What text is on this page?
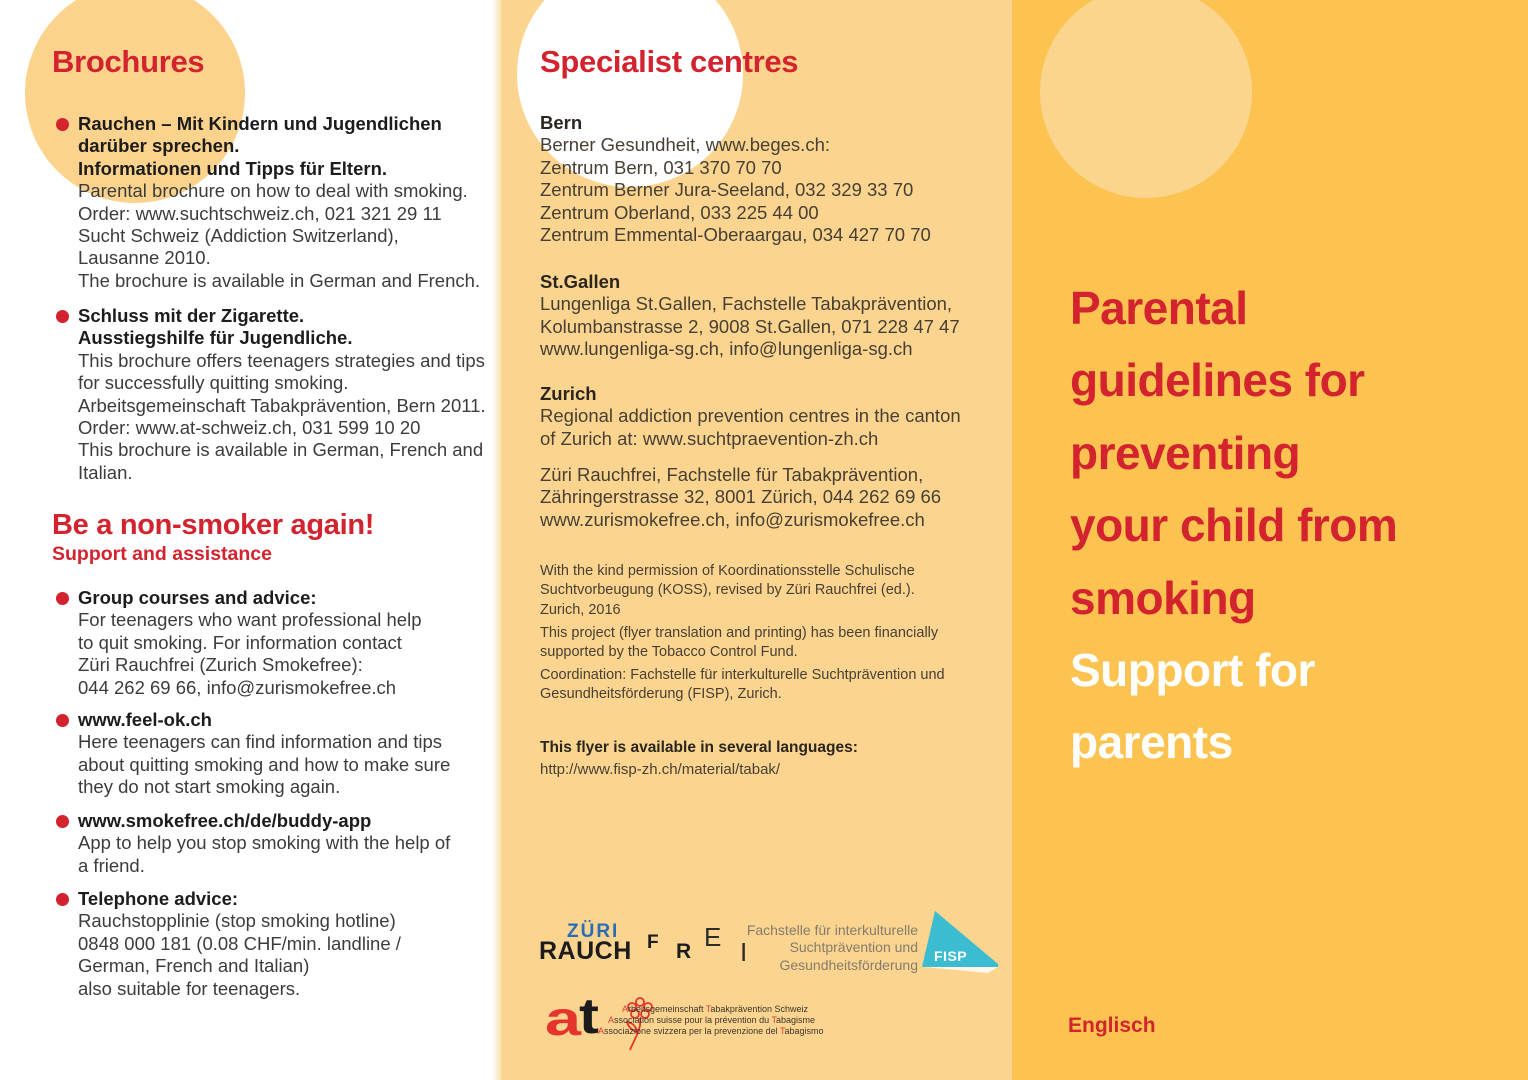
Brochures
Rauchen – Mit Kindern und Jugendlichen
darüber sprechen.
Informationen und Tipps für Eltern.
Parental brochure on how to deal with smoking.
Order: www.suchtschweiz.ch, 021 321 29 11
Sucht Schweiz (Addiction Switzerland),
Lausanne 2010.
The brochure is available in German and French.
Schluss mit der Zigarette.
Ausstiegshilfe für Jugendliche.
This brochure offers teenagers strategies and tips
for successfully quitting smoking.
Arbeitsgemeinschaft Tabakprävention, Bern 2011.
Order: www.at-schweiz.ch, 031 599 10 20
This brochure is available in German, French and
Italian.
Be a non-smoker again!
Support and assistance
Group courses and advice:
For teenagers who want professional help
to quit smoking. For information contact
Züri Rauchfrei (Zurich Smokefree):
044 262 69 66, info@zurismokefree.ch
www.feel-ok.ch
Here teenagers can find information and tips
about quitting smoking and how to make sure
they do not start smoking again.
www.smokefree.ch/de/buddy-app
App to help you stop smoking with the help of
a friend.
Telephone advice:
Rauchstopplinie (stop smoking hotline)
0848 000 181 (0.08 CHF/min. landline /
German, French and Italian)
also suitable for teenagers.
Specialist centres
Bern
Berner Gesundheit, www.beges.ch:
Zentrum Bern, 031 370 70 70
Zentrum Berner Jura-Seeland, 032 329 33 70
Zentrum Oberland, 033 225 44 00
Zentrum Emmental-Oberaargau, 034 427 70 70
St.Gallen
Lungenliga St.Gallen, Fachstelle Tabakprävention,
Kolumbanstrasse 2, 9008 St.Gallen, 071 228 47 47
www.lungenliga-sg.ch, info@lungenliga-sg.ch
Zurich
Regional addiction prevention centres in the canton
of Zurich at: www.suchtpraevention-zh.ch
Züri Rauchfrei, Fachstelle für Tabakprävention,
Zähringerstrasse 32, 8001 Zürich, 044 262 69 66
www.zurismokefree.ch, info@zurismokefree.ch
With the kind permission of Koordinationsstelle Schulische
Suchtvorbeugung (KOSS), revised by Züri Rauchfrei (ed.).
Zurich, 2016
This project (flyer translation and printing) has been financially
supported by the Tobacco Control Fund.
Coordination: Fachstelle für interkulturelle Suchtprävention und
Gesundheitsförderung (FISP), Zurich.
This flyer is available in several languages:
http://www.fisp-zh.ch/material/tabak/
ZÜRI
RAUCH F R E I
Fachstelle für interkulturelle
Suchtprävention und
Gesundheitsförderung
FISP
a
t	Arbeitsgemeinschaft Tabakprävention Schweiz
Association suisse pour la prévention du Tabagisme
Associazione svizzera per la prevenzione del Tabagismo
Parental
guidelines for
preventing
your child from
smoking
Support for
parents
Englisch
